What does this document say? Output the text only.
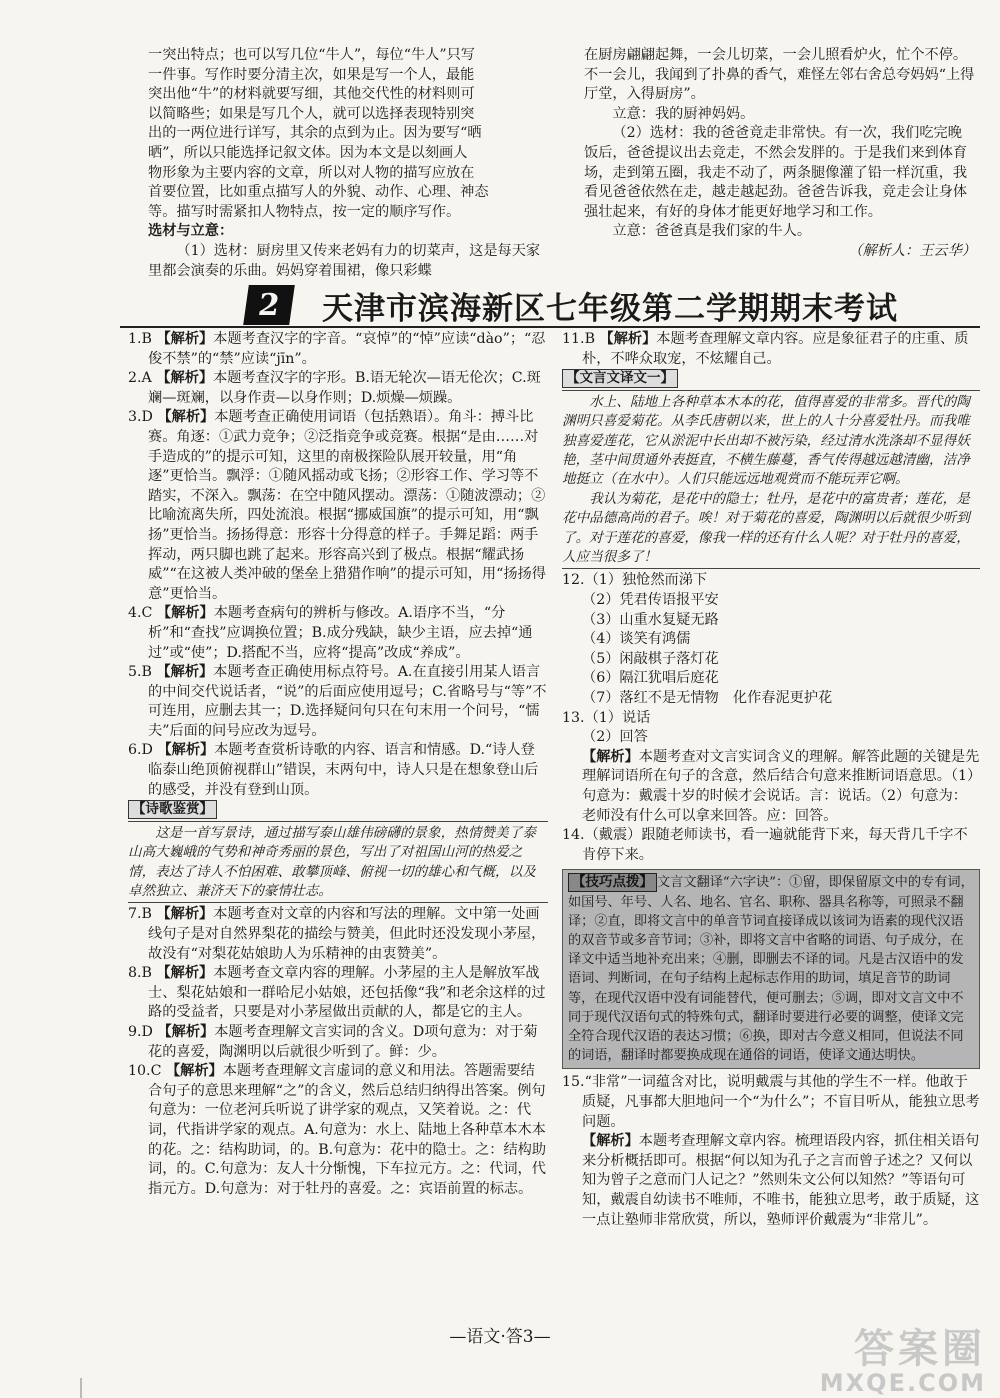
一突出特点；也可以写几位“牛人”，每位“牛人”只写

一件事。写作时要分清主次，如果是写一个人，最能

突出他“牛”的材料就要写细，其他交代性的材料则可

以简略些；如果是写几个人，就可以选择表现特别突

出的一两位进行详写，其余的点到为止。因为要写“晒

晒”，所以只能选择记叙文体。因为本文是以刻画人

物形象为主要内容的文章，所以对人物的描写应放在

首要位置，比如重点描写人的外貌、动作、心理、神态

等。描写时需紧扣人物特点，按一定的顺序写作。

选材与立意：

（1）选材：厨房里又传来老妈有力的切菜声，这是每天家里都会演奏的乐曲。妈妈穿着围裙，像只彩蝶

在厨房翩翩起舞，一会儿切菜，一会儿照看炉火，忙个不停。不一会儿，我闻到了扑鼻的香气，难怪左邻右舍总夸妈妈“上得厅堂，入得厨房”。

立意：我的厨神妈妈。

（2）选材：我的爸爸竟走非常快。有一次，我们吃完晚饭后，爸爸提议出去竞走，不然会发胖的。于是我们来到体育场，走到第五圈，我走不动了，两条腿像灌了铅一样沉重，我看见爸爸依然在走，越走越起劲。爸爸告诉我，竞走会让身体强壮起来，有好的身体才能更好地学习和工作。

立意：爸爸真是我们家的牛人。

（解析人：王云华）

2	天津市滨海新区七年级第二学期期末考试

1.B 【解析】本题考查汉字的字音。“哀悼”的“悼”应读“dào”；“忍俊不禁”的“禁”应读“jīn”。

2.A 【解析】本题考查汉字的字形。B.语无轮次—语无伦次；C.斑斓—斑斓，以身作责—以身作则；D.烦燥—烦躁。

3.D 【解析】本题考查正确使用词语（包括熟语）。角斗：搏斗比赛。角逐：①武力竞争；②泛指竞争或竞赛。根据“是由……对手造成的”的提示可知，这里的南极探险队展开较量，用“角逐”更恰当。飘浮：①随风摇动或飞扬；②形容工作、学习等不踏实，不深入。飘荡：在空中随风摆动。漂荡：①随波漂动；②比喻流离失所，四处流浪。根据“挪威国旗”的提示可知，用“飘扬”更恰当。扬扬得意：形容十分得意的样子。手舞足蹈：两手挥动，两只脚也跳了起来。形容高兴到了极点。根据“耀武扬威”“在这被人类冲破的堡垒上猎猎作响”的提示可知，用“扬扬得意”更恰当。

4.C 【解析】本题考查病句的辨析与修改。A.语序不当，“分析”和“查找”应调换位置；B.成分残缺，缺少主语，应去掉“通过”或“使”；D.搭配不当，应将“提高”改成“养成”。

5.B 【解析】本题考查正确使用标点符号。A.在直接引用某人语言的中间交代说话者，“说”的后面应使用逗号；C.省略号与“等”不可连用，应删去其一；D.选择疑问句只在句末用一个问号，“懦夫”后面的问号应改为逗号。

6.D 【解析】本题考查赏析诗歌的内容、语言和情感。D.“诗人登临泰山绝顶俯视群山”错误，末两句中，诗人只是在想象登山后的感受，并没有登到山顶。

【诗歌鉴赏】

这是一首写景诗，通过描写泰山雄伟磅礴的景象，热情赞美了泰山高大巍峨的气势和神奇秀丽的景色，写出了对祖国山河的热爱之情，表达了诗人不怕困难、敢攀顶峰、俯视一切的雄心和气概，以及卓然独立、兼济天下的豪情壮志。

7.B 【解析】本题考查对文章的内容和写法的理解。文中第一处画线句子是对自然界梨花的描绘与赞美，但此时还没发现小茅屋，故没有“对梨花姑娘助人为乐精神的由衷赞美”。

8.B 【解析】本题考查文章内容的理解。小茅屋的主人是解放军战士、梨花姑娘和一群哈尼小姑娘，还包括像“我”和老余这样的过路的受益者，只要是对小茅屋做出贡献的人，都是它的主人。

9.D 【解析】本题考查理解文言实词的含义。D项句意为：对于菊花的喜爱，陶渊明以后就很少听到了。鲜：少。

10.C 【解析】本题考查理解文言虚词的意义和用法。答题需要结合句子的意思来理解“之”的含义，然后总结归纳得出答案。例句句意为：一位老河兵听说了讲学家的观点，又笑着说。之：代词，代指讲学家的观点。A.句意为：水上、陆地上各种草本木本的花。之：结构助词，的。B.句意为：花中的隐士。之：结构助词，的。C.句意为：友人十分惭愧，下车拉元方。之：代词，代指元方。D.句意为：对于牡丹的喜爱。之：宾语前置的标志。

11.B 【解析】本题考查理解文章内容。应是象征君子的庄重、质朴，不哗众取宠，不炫耀自己。

【文言文译文一】

水上、陆地上各种草本木本的花，值得喜爱的非常多。晋代的陶渊明只喜爱菊花。从李氏唐朝以来，世上的人十分喜爱牡丹。而我唯独喜爱莲花，它从淤泥中长出却不被污染，经过清水洗涤却不显得妖艳，茎中间贯通外表挺直，不横生藤蔓，香气传得越远越清幽，洁净地挺立（在水中）。人们只能远远地观赏而不能玩弄它啊。

我认为菊花，是花中的隐士；牡丹，是花中的富贵者；莲花，是花中品德高尚的君子。唉！对于菊花的喜爱，陶渊明以后就很少听到了。对于莲花的喜爱，像我一样的还有什么人呢？对于牡丹的喜爱，人应当很多了！

12.（1）独怆然而涕下

（2）凭君传语报平安

（3）山重水复疑无路

（4）谈笑有鸿儒

（5）闲敲棋子落灯花

（6）隔江犹唱后庭花

（7）落红不是无情物　化作春泥更护花

13.（1）说话

（2）回答

【解析】本题考查对文言实词含义的理解。解答此题的关键是先理解词语所在句子的含意，然后结合句意来推断词语意思。（1）句意为：戴震十岁的时候才会说话。言：说话。（2）句意为：老师没有什么可以拿来回答。应：回答。

14.（戴震）跟随老师读书，看一遍就能背下来，每天背几千字不肯停下来。

【技巧点拨】 文言文翻译“六字诀”：①留，即保留原文中的专有词，如国号、年号、人名、地名、官名、职称、器具名称等，可照录不翻译；②直，即将文言中的单音节词直接译成以该词为语素的现代汉语的双音节或多音节词；③补，即将文言中省略的词语、句子成分，在译文中适当地补充出来；④删，即删去不译的词。凡是古汉语中的发语词、判断词，在句子结构上起标志作用的助词，填足音节的助词等，在现代汉语中没有词能替代，便可删去；⑤调，即对文言文中不同于现代汉语句式的特殊句式，翻译时要进行必要的调整，使译文完全符合现代汉语的表达习惯；⑥换，即对古今意义相同，但说法不同的词语，翻译时都要换成现在通俗的词语，使译文通达明快。

15.“非常”一词蕴含对比，说明戴震与其他的学生不一样。他敢于质疑，凡事都大胆地问一个“为什么”；不盲目听从，能独立思考问题。

【解析】本题考查理解文章内容。梳理语段内容，抓住相关语句来分析概括即可。根据“何以知为孔子之言而曾子述之？又何以知为曾子之意而门人记之？”然则朱文公何以知然？”等语句可知，戴震自幼读书不唯师，不唯书，能独立思考，敢于质疑，这一点让塾师非常欣赏，所以，塾师评价戴震为“非常儿”。

—语文·答3—	答案圈
MXQE.COM
